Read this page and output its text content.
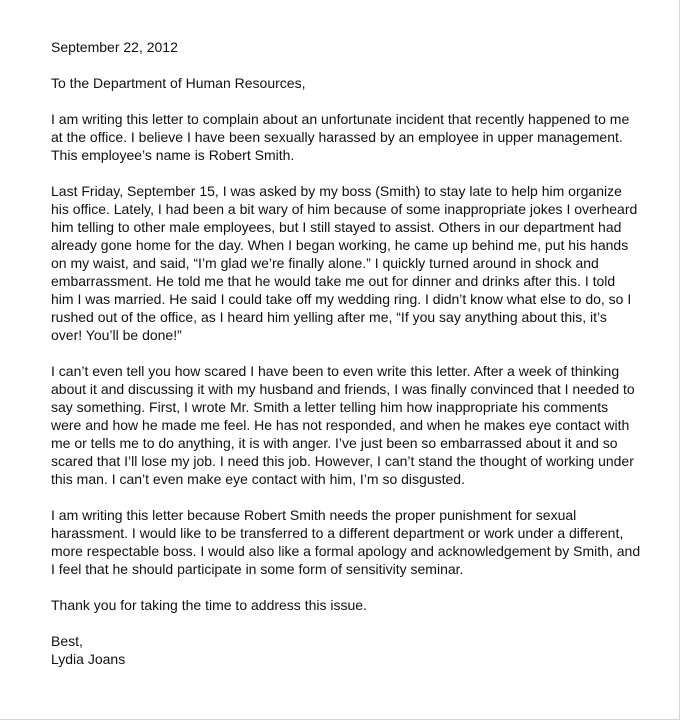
September 22, 2012

To the Department of Human Resources,

I am writing this letter to complain about an unfortunate incident that recently happened to me at the office. I believe I have been sexually harassed by an employee in upper management. This employee’s name is Robert Smith.

Last Friday, September 15, I was asked by my boss (Smith) to stay late to help him organize his office. Lately, I had been a bit wary of him because of some inappropriate jokes I overheard him telling to other male employees, but I still stayed to assist. Others in our department had already gone home for the day. When I began working, he came up behind me, put his hands on my waist, and said, “I’m glad we’re finally alone.” I quickly turned around in shock and embarrassment. He told me that he would take me out for dinner and drinks after this. I told him I was married. He said I could take off my wedding ring. I didn’t know what else to do, so I rushed out of the office, as I heard him yelling after me, “If you say anything about this, it’s over! You’ll be done!”

I can’t even tell you how scared I have been to even write this letter. After a week of thinking about it and discussing it with my husband and friends, I was finally convinced that I needed to say something. First, I wrote Mr. Smith a letter telling him how inappropriate his comments were and how he made me feel. He has not responded, and when he makes eye contact with me or tells me to do anything, it is with anger. I’ve just been so embarrassed about it and so scared that I’ll lose my job. I need this job. However, I can’t stand the thought of working under this man. I can’t even make eye contact with him, I’m so disgusted.

I am writing this letter because Robert Smith needs the proper punishment for sexual harassment. I would like to be transferred to a different department or work under a different, more respectable boss. I would also like a formal apology and acknowledgement by Smith, and I feel that he should participate in some form of sensitivity seminar.

Thank you for taking the time to address this issue.

Best,

Lydia Joans
